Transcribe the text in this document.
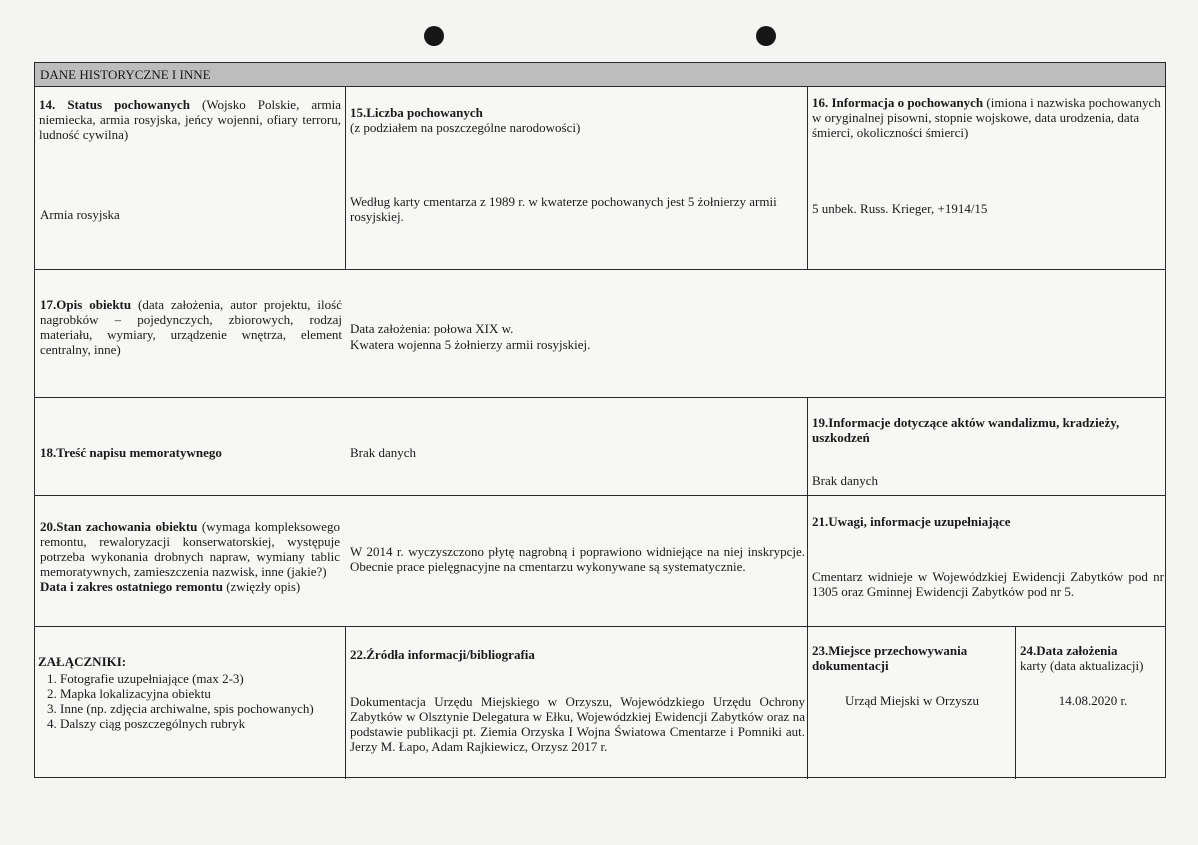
DANE HISTORYCZNE I INNE
14. Status pochowanych (Wojsko Polskie, armia niemiecka, armia rosyjska, jeńcy wojenni, ofiary terroru, ludność cywilna)
Armia rosyjska
15.Liczba pochowanych
(z podziałem na poszczególne narodowości)
Według karty cmentarza z 1989 r. w kwaterze pochowanych jest 5 żołnierzy armii rosyjskiej.
16. Informacja o pochowanych (imiona i nazwiska pochowanych w oryginalnej pisowni, stopnie wojskowe, data urodzenia, data śmierci, okoliczności śmierci)
5 unbek. Russ. Krieger, +1914/15
17.Opis obiektu (data założenia, autor projektu, ilość nagrobków – pojedynczych, zbiorowych, rodzaj materiału, wymiary, urządzenie wnętrza, element centralny, inne)
Data założenia: połowa XIX w.
Kwatera wojenna 5 żołnierzy armii rosyjskiej.
18.Treść napisu memoratywnego	Brak danych
19.Informacje dotyczące aktów wandalizmu, kradzieży, uszkodzeń
Brak danych
20.Stan zachowania obiektu (wymaga kompleksowego remontu, rewaloryzacji konserwatorskiej, występuje potrzeba wykonania drobnych napraw, wymiany tablic memoratywnych, zamieszczenia nazwisk, inne (jakie?)
Data i zakres ostatniego remontu (zwięzły opis)
W 2014 r. wyczyszczono płytę nagrobną i poprawiono widniejące na niej inskrypcje. Obecnie prace pielęgnacyjne na cmentarzu wykonywane są systematycznie.
21.Uwagi, informacje uzupełniające
Cmentarz widnieje w Wojewódzkiej Ewidencji Zabytków pod nr 1305 oraz Gminnej Ewidencji Zabytków pod nr 5.
ZAŁĄCZNIKI:
1. Fotografie uzupełniające (max 2-3)
2. Mapka lokalizacyjna obiektu
3. Inne (np. zdjęcia archiwalne, spis pochowanych)
4. Dalszy ciąg poszczególnych rubryk
22.Źródła informacji/bibliografia
Dokumentacja Urzędu Miejskiego w Orzyszu, Wojewódzkiego Urzędu Ochrony Zabytków w Olsztynie Delegatura w Ełku, Wojewódzkiej Ewidencji Zabytków oraz na podstawie publikacji pt. Ziemia Orzyska I Wojna Światowa Cmentarze i Pomniki aut. Jerzy M. Łapo, Adam Rajkiewicz, Orzysz 2017 r.
23.Miejsce przechowywania dokumentacji
Urząd Miejski w Orzyszu
24.Data założenia
karty (data aktualizacji)
14.08.2020 r.
